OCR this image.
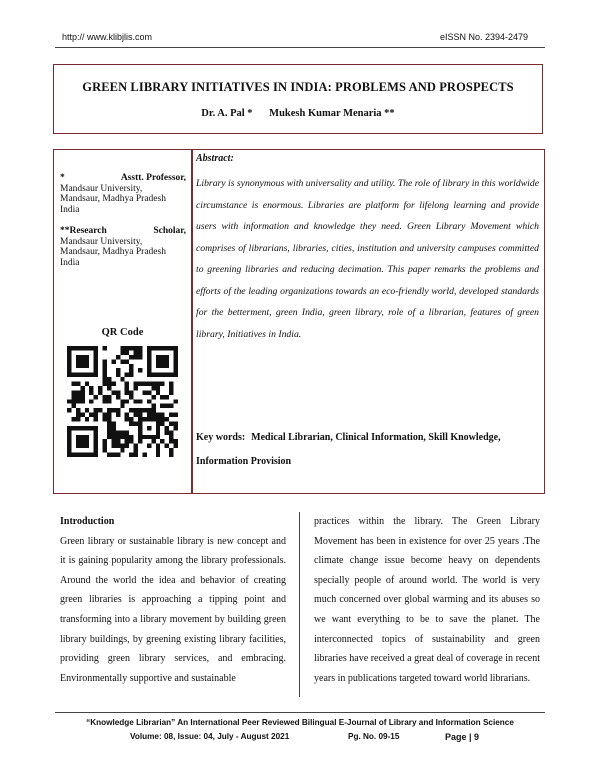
http:// www.klibjlis.com	eISSN No. 2394-2479
GREEN LIBRARY INITIATIVES IN INDIA: PROBLEMS AND PROSPECTS
Dr. A. Pal * Mukesh Kumar Menaria **
*	Asstt. Professor,
Mandsaur University,
Mandsaur, Madhya Pradesh
India
**Research	Scholar,
Mandsaur University,
Mandsaur, Madhya Pradesh
India
QR Code
Abstract:
Library is synonymous with universality and utility. The role of library in this worldwide circumstance is enormous. Libraries are platform for lifelong learning and provide users with information and knowledge they need. Green Library Movement which comprises of librarians, libraries, cities, institution and university campuses committed to greening libraries and reducing decimation. This paper remarks the problems and efforts of the leading organizations towards an eco-friendly world, developed standards for the betterment, green India, green library, role of a librarian, features of green library, Initiatives in India.
Key words: Medical Librarian, Clinical Information, Skill Knowledge, Information Provision
Introduction
Green library or sustainable library is new concept and it is gaining popularity among the library professionals. Around the world the idea and behavior of creating green libraries is approaching a tipping point and transforming into a library movement by building green library buildings, by greening existing library facilities, providing green library services, and embracing. Environmentally supportive and sustainable
practices within the library. The Green Library Movement has been in existence for over 25 years .The climate change issue become heavy on dependents specially people of around world. The world is very much concerned over global warming and its abuses so we want everything to be to save the planet. The interconnected topics of sustainability and green libraries have received a great deal of coverage in recent years in publications targeted toward world librarians.
“Knowledge Librarian” An International Peer Reviewed Bilingual E-Journal of Library and Information Science
Volume: 08, Issue: 04, July - August 2021	Pg. No. 09-15	Page | 9
